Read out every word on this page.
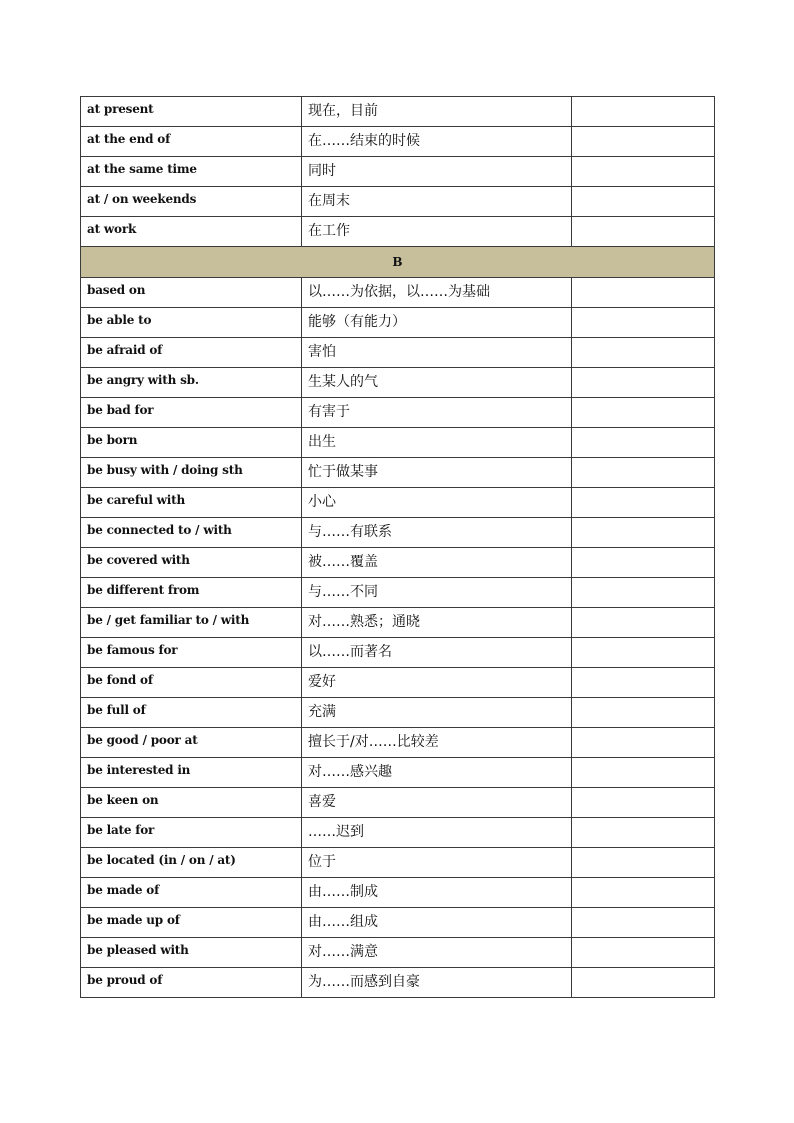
at present	现在，目前	
at the end of	在……结束的时候	
at the same time	同时	
at / on weekends	在周末	
at work	在工作	
B		
based on	以……为依据，以……为基础	
be able to	能够（有能力）	
be afraid of	害怕	
be angry with sb.	生某人的气	
be bad for	有害于	
be born	出生	
be busy with / doing sth	忙于做某事	
be careful with	小心	
be connected to / with	与……有联系	
be covered with	被……覆盖	
be different from	与……不同	
be / get familiar to / with	对……熟悉；通晓	
be famous for	以……而著名	
be fond of	爱好	
be full of	充满	
be good / poor at	擅长于/对……比较差	
be interested in	对……感兴趣	
be keen on	喜爱	
be late for	……迟到	
be located (in / on / at)	位于	
be made of	由……制成	
be made up of	由……组成	
be pleased with	对……满意	
be proud of	为……而感到自豪	
